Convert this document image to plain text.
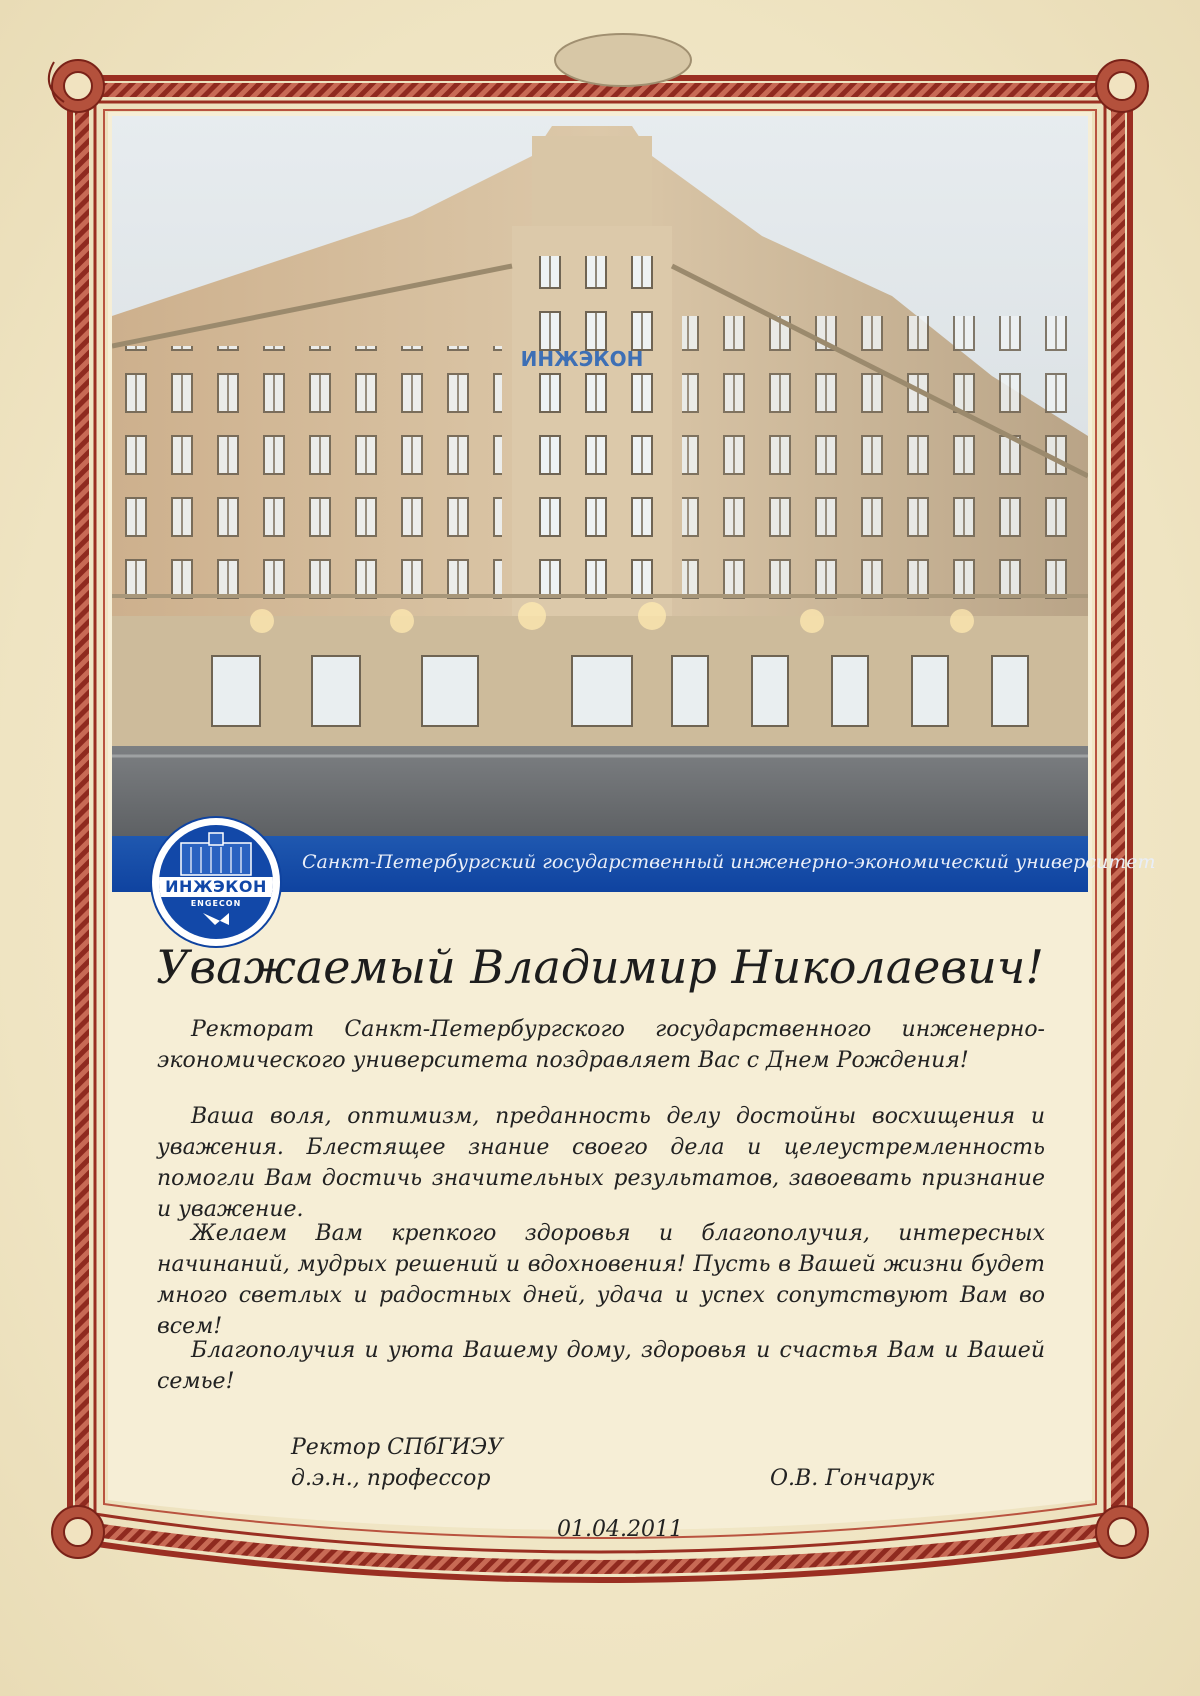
ИНЖЭКОН
Санкт-Петербургский государственный инженерно-экономический университет
ИНЖЭКОН
ENGECON
Уважаемый Владимир Николаевич!

Ректорат Санкт-Петербургского государственного инженерно-экономического университета поздравляет Вас с Днем Рождения!

Ваша воля, оптимизм, преданность делу достойны восхищения и уважения. Блестящее знание своего дела и целеустремленность помогли Вам достичь значительных результатов, завоевать признание и уважение.

Желаем Вам крепкого здоровья и благополучия, интересных начинаний, мудрых решений и вдохновения! Пусть в Вашей жизни будет много светлых и радостных дней, удача и успех сопутствуют Вам во всем!

Благополучия и уюта Вашему дому, здоровья и счастья Вам и Вашей семье!

Ректор СПбГИЭУ
д.э.н., профессор	О.В. Гончарук
01.04.2011
